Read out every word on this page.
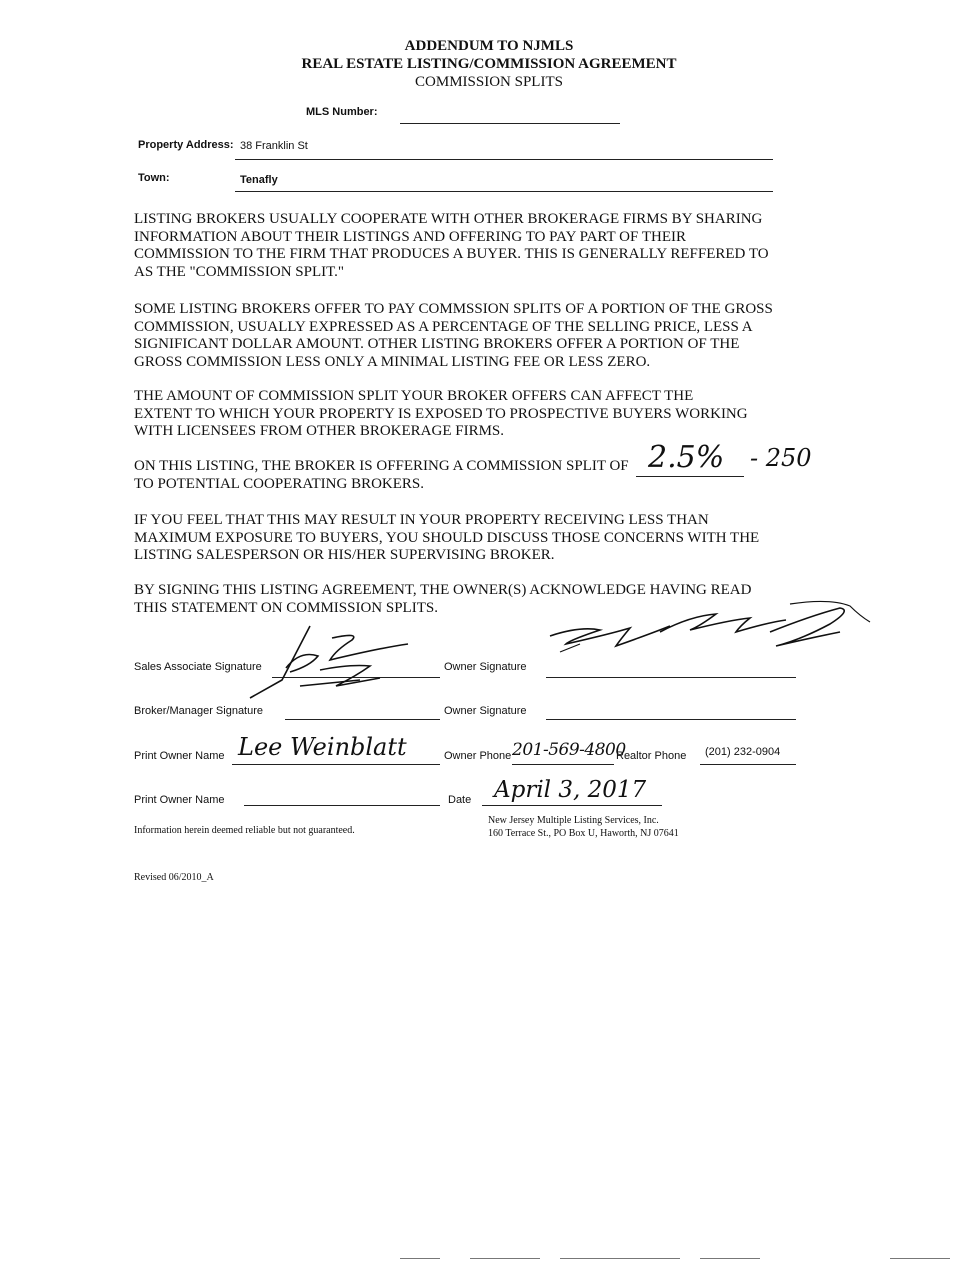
ADDENDUM TO NJMLS
REAL ESTATE LISTING/COMMISSION AGREEMENT
COMMISSION SPLITS
MLS Number:
Property Address: 38 Franklin St
Town:	Tenafly
LISTING BROKERS USUALLY COOPERATE WITH OTHER BROKERAGE FIRMS BY SHARING
INFORMATION ABOUT THEIR LISTINGS AND OFFERING TO PAY PART OF THEIR
COMMISSION TO THE FIRM THAT PRODUCES A BUYER. THIS IS GENERALLY REFFERED TO
AS THE "COMMISSION SPLIT."
SOME LISTING BROKERS OFFER TO PAY COMMSSION SPLITS OF A PORTION OF THE GROSS
COMMISSION, USUALLY EXPRESSED AS A PERCENTAGE OF THE SELLING PRICE, LESS A
SIGNIFICANT DOLLAR AMOUNT. OTHER LISTING BROKERS OFFER A PORTION OF THE
GROSS COMMISSION LESS ONLY A MINIMAL LISTING FEE OR LESS ZERO.
THE AMOUNT OF COMMISSION SPLIT YOUR BROKER OFFERS CAN AFFECT THE
EXTENT TO WHICH YOUR PROPERTY IS EXPOSED TO PROSPECTIVE BUYERS WORKING
WITH LICENSEES FROM OTHER BROKERAGE FIRMS.
ON THIS LISTING, THE BROKER IS OFFERING A COMMISSION SPLIT OF 2.5% - 250
TO POTENTIAL COOPERATING BROKERS.
IF YOU FEEL THAT THIS MAY RESULT IN YOUR PROPERTY RECEIVING LESS THAN
MAXIMUM EXPOSURE TO BUYERS, YOU SHOULD DISCUSS THOSE CONCERNS WITH THE
LISTING SALESPERSON OR HIS/HER SUPERVISING BROKER.
BY SIGNING THIS LISTING AGREEMENT, THE OWNER(S) ACKNOWLEDGE HAVING READ
THIS STATEMENT ON COMMISSION SPLITS.
Sales Associate Signature	Owner Signature
Broker/Manager Signature	Owner Signature
Print Owner Name Lee Weinblatt	Owner Phone 201-569-4800
Realtor Phone (201) 232-0904
Print Owner Name	Date April 3, 2017
Information herein deemed reliable but not guaranteed.
New Jersey Multiple Listing Services, Inc.
160 Terrace St., PO Box U, Haworth, NJ 07641
Revised 06/2010_A
